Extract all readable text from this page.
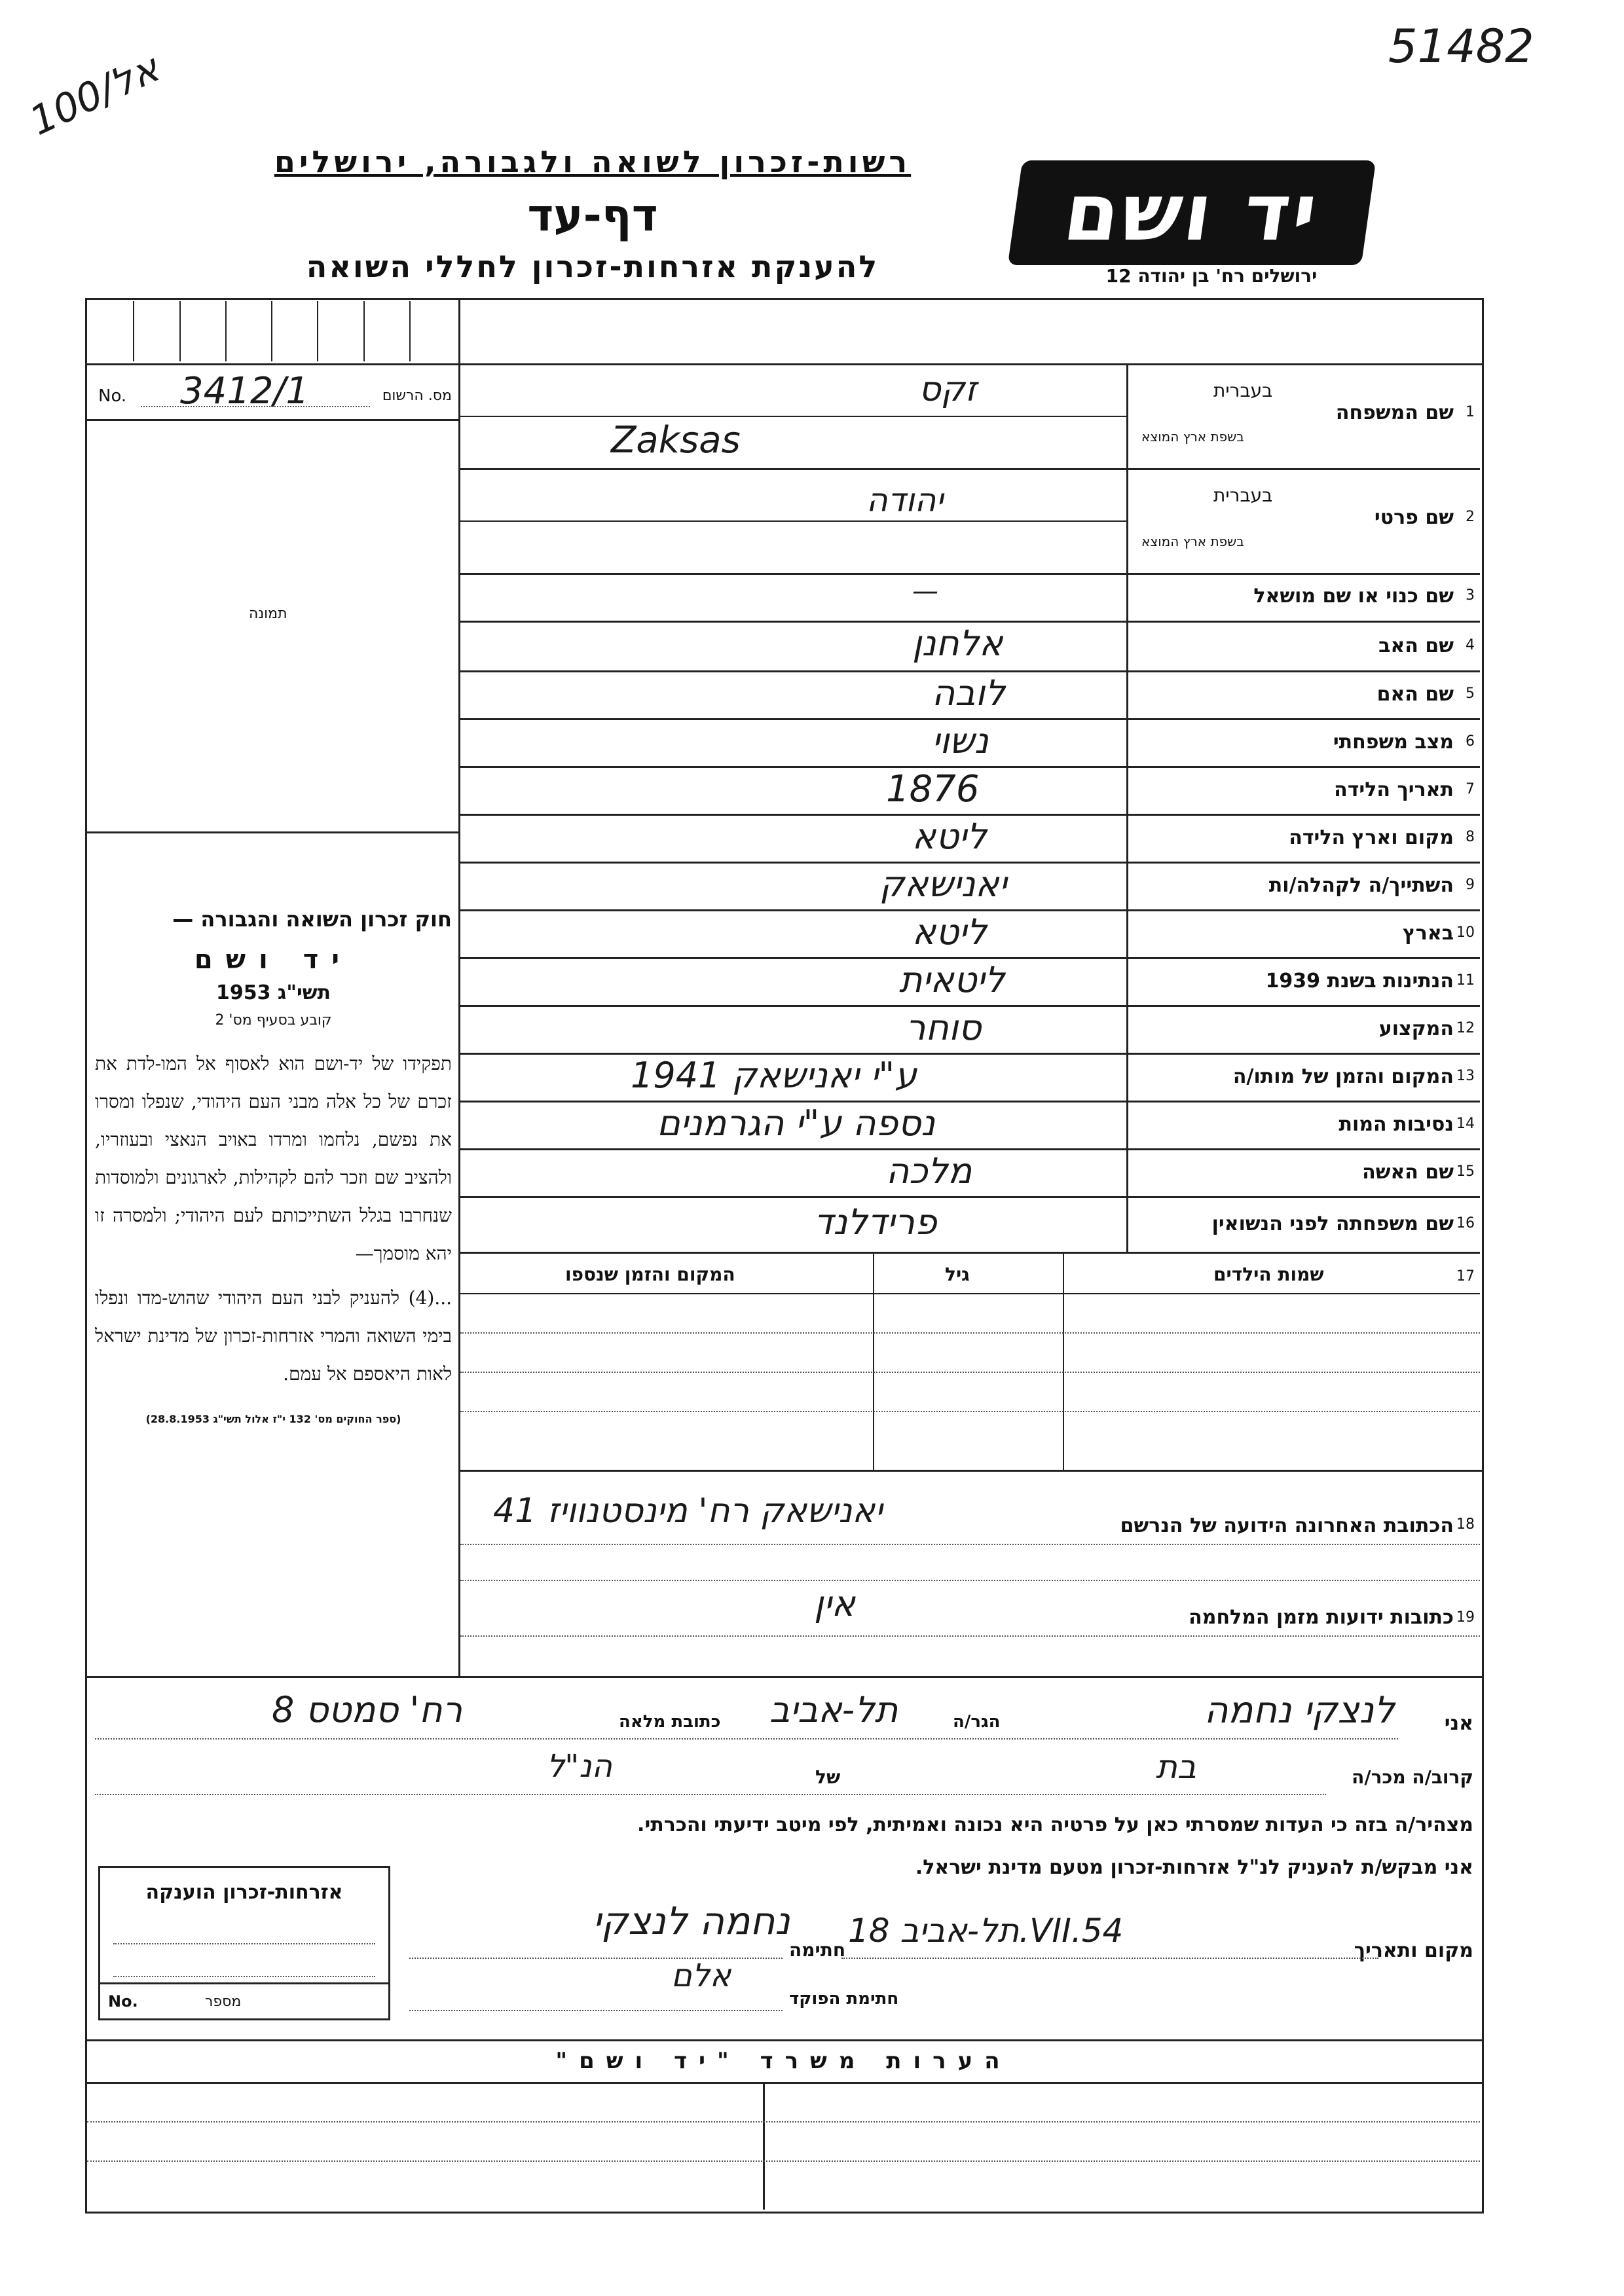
51482
100/אל
רשות-זכרון לשואה ולגבורה, ירושלים
דף-עד
להענקת אזרחות-זכרון לחללי השואה
יד ושם
ירושלים רח' בן יהודה 12
No. 3412/1	מס. הרשום
תמונה
חוק זכרון השואה והגבורה —
יד ושם
תשי"ג 1953
קובע בסעיף מס' 2
תפקידו של יד-ושם הוא לאסוף אל המו-לדת את זכרם של כל אלה מבני העם היהודי, שנפלו ומסרו את נפשם, נלחמו ומרדו באויב הנאצי ובעוזריו, ולהציב שם וזכר להם לקהילות, לארגונים ולמוסדות שנחרבו בגלל השתייכותם לעם היהודי; ולמסרה זו יהא מוסמך—
...(4) להעניק לבני העם היהודי שהוש-מדו ונפלו בימי השואה והמרי אזרחות-זכרון של מדינת ישראל לאות היאספם אל עמם.
(ספר החוקים מס' 132 י"ז אלול תשי"ג 28.8.1953)
זקס
Zaksas
בעברית
בשפת ארץ המוצא
שם המשפחה 1
יהודה	בעברית
בשפת ארץ המוצא
שם פרטי 2
—	שם כנוי או שם מושאל 3
אלחנן	שם האב 4
לובה	שם האם 5
נשוי	מצב משפחתי 6
1876	תאריך הלידה 7
ליטא	מקום וארץ הלידה 8
יאנישאק	השתייך/ה לקהלה/ות 9
ליטא	בארץ 10
ליטאית	הנתינות בשנת 1939 11
סוחר	המקצוע 12
ע"י יאנישאק 1941	המקום והזמן של מותו/ה 13
נספה ע"י הגרמנים	נסיבות המות 14
מלכה	שם האשה 15
פרידלנד	שם משפחתה לפני הנשואין 16
המקום והזמן שנספו	גיל	שמות הילדים	17
יאנישאק רח' מינסטנוויז 41	הכתובת האחרונה הידועה של הנרשם 18
אין	כתובות ידועות מזמן המלחמה 19
אני
לנצקי נחמה
הגר/ה
תל-אביב
כתובת מלאה
רח' סמטס 8
קרוב/ה מכר/ה
בת
של
הנ"ל
מצהיר/ה בזה כי העדות שמסרתי כאן על פרטיה היא נכונה ואמיתית, לפי מיטב ידיעתי והכרתי.
אני מבקש/ת להעניק לנ"ל אזרחות-זכרון מטעם מדינת ישראל.
מקום ותאריך
תל-אביב 18.VII.54
חתימה
נחמה לנצקי
אלם
חתימת הפוקד
אזרחות-זכרון הוענקה
No.	מספר
הערות משרד "יד ושם"
